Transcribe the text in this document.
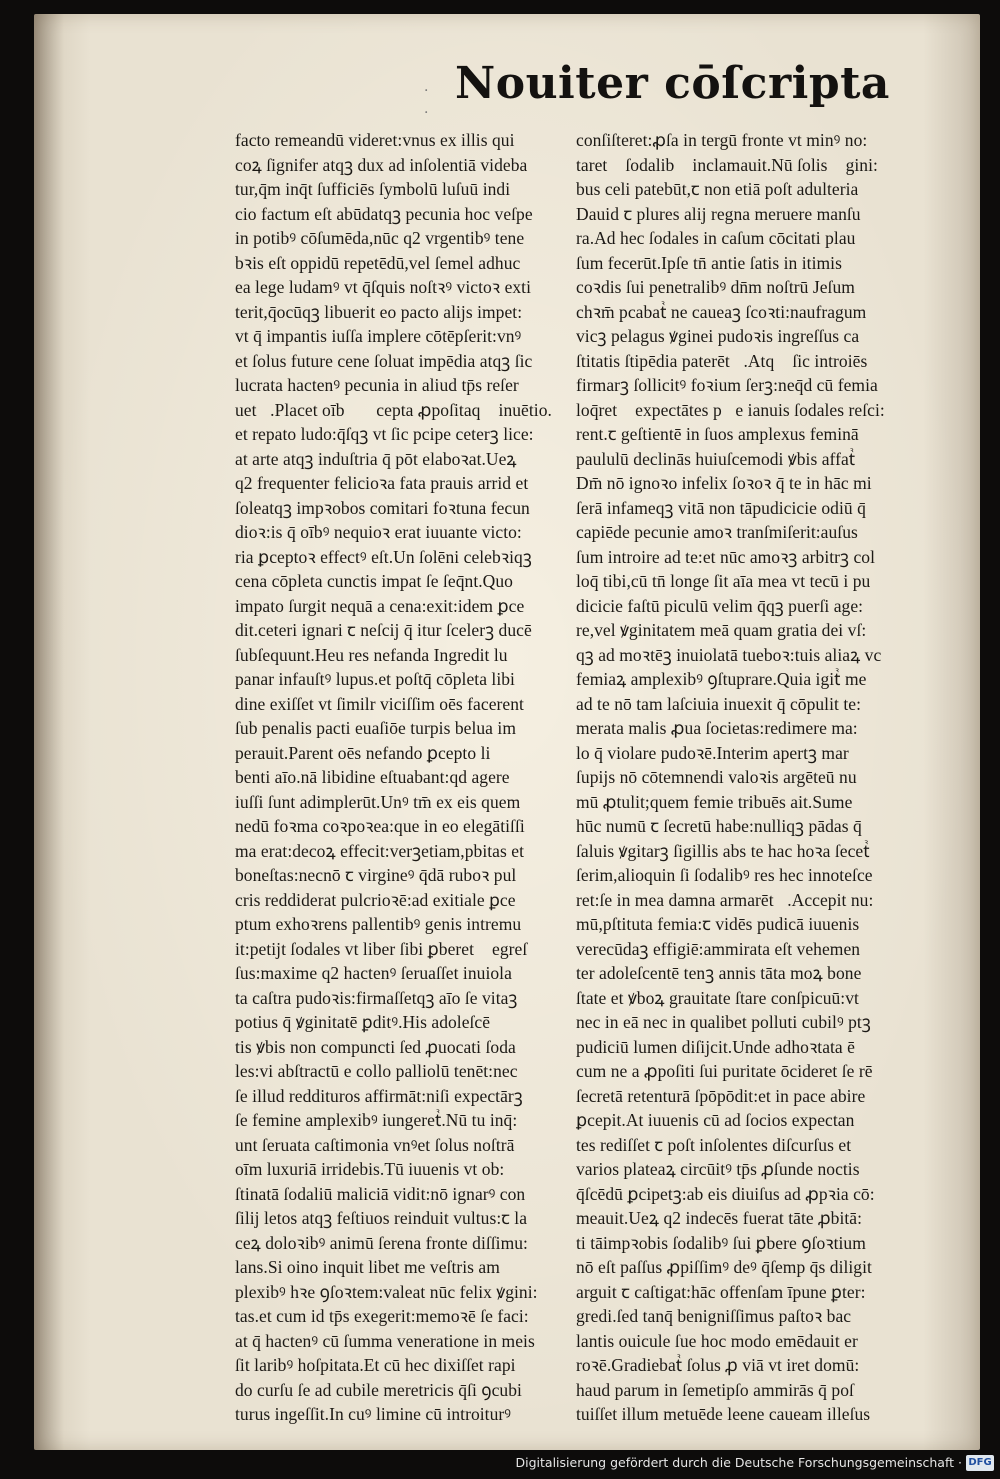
·
·
Nouiter cōſcripta
facto remeandū videret:vnus ex illis qui
coꝝ ſignifer atqꝫ dux ad inſolentiā videba
tur,q̄m inq̄t ſufficiēs ſymbolū luſuū indi
cio factum eſt abūdatqꝫ pecunia hoc veſpe
in potibꝰ cōſumēda,nūc q2 vrgentibꝰ tene
bꝛis eſt oppidū repetēdū,vel ſemel adhuc
ea lege ludamꝰ vt q̄ſquis noſtꝛꝰ victoꝛ exti
terit,q̄ocūqꝫ libuerit eo pacto alijs impet:
vt q̄ impantis iuſſa implere cōtēpſerit:vnꝰ
et ſolus future cene ſoluat impēdia atqꝫ ſic
lucrata hactenꝰ pecunia in aliud tp̄s reſer
uetᷣ.Placet oībꝰ ꝯcepta ꝓpoſitaqꝫ inuētio.
et repato ludo:q̄ſqꝫ vt ſic pcipe ceterꝫ lice:
at arte atqꝫ induſtria q̄ pōt elaboꝛat.Ueꝝ
q2 frequenter felicioꝛa fata prauis arrid et
ſoleatqꝫ impꝛobos comitari foꝛtuna fecun
dioꝛ:is q̄ oībꝰ nequioꝛ erat iuuante victo:
ria ꝑceptoꝛ effectꝰ eſt.Un ſolēni celebꝛiqꝫ
cena cōpleta cunctis impat ſe ſeq̄nt.Quo
impato ſurgit nequā a cena:exit:idem ꝑce
dit.ceteri ignari ꞇ neſcij q̄ itur ſcelerꝫ ducē
ſubſequunt.Heu res nefanda Ingredit lu
panar infauſtꝰ lupus.et poſtq̄ cōpleta libi
dine exiſſet vt ſimilr viciſſim oēs facerent
ſub penalis pacti euaſiōe turpis belua im
perauit.Parent oēs nefando ꝑcepto li
benti aīo.nā libidine eſtuabant:qd agere
iuſſi ſunt adimplerūt.Unꝰ tm̄ ex eis quem
nedū foꝛma coꝛpoꝛea:que in eo elegātiſſi
ma erat:decoꝝ effecit:verꝫetiam,pbitas et
boneſtas:necnō ꞇ virgineꝰ q̄dā ruboꝛ pul
cris reddiderat pulcrioꝛē:ad exitiale ꝑce
ptum exhoꝛrens pallentibꝰ genis intremu
it:petijt ſodales vt liber ſibi ꝑberetᷣ egreſ
ſus:maxime q2 hactenꝰ ſeruaſſet inuiola
ta caſtra pudoꝛis:firmaſſetqꝫ aīo ſe vitaꝫ
potius q̄ ꝟginitatē ꝑditꝰ.His adoleſcē
tis ꝟbis non compuncti ſed ꝓuocati ſoda
les:vi abſtractū e collo palliolū tenēt:nec
ſe illud reddituros affirmāt:niſi expectārꝫ
ſe femine amplexibꝰ iungeretᷣ.Nū tu inq̄:
unt ſeruata caſtimonia vnꝰet ſolus noſtrā
oīm luxuriā irridebis.Tū iuuenis vt ob:
ſtinatā ſodaliū maliciā vidit:nō ignarꝰ con
ſilij letos atqꝫ feſtiuos reinduit vultus:ꞇ la
ceꝝ doloꝛibꝰ animū ſerena fronte diſſimu:
lans.Si oino inquit libet me veſtris am
plexibꝰ hꝛe ꝯſoꝛtem:valeat nūc felix ꝟgini:
tas.et cum id tp̄s exegerit:memoꝛē ſe faci:
at q̄ hactenꝰ cū ſumma veneratione in meis
ſit laribꝰ hoſpitata.Et cū hec dixiſſet rapi
do curſu ſe ad cubile meretricis q̄ſi ꝯcubi
turus ingeſſit.In cuꝰ limine cū introiturꝰ
conſiſteret:ꝓſa in tergū fronte vt minꝰ no:
taretᷣ ſodalibꝰ inclamauit.Nū ſolis ꝟgini:
bus celi patebūt,ꞇ non etiā poſt adulteria
Dauid ꞇ plures alij regna meruere manſu
ra.Ad hec ſodales in caſum cōcitati plau
ſum fecerūt.Ipſe tn̄ antie ſatis in itimis
coꝛdis ſui penetralibꝰ dn̄m noſtrū Jeſum
chꝛm̄ pcabatᷣ ne caueaꝫ ſcoꝛti:naufragum
vicꝫ pelagus ꝟginei pudoꝛis ingreſſus ca
ſtitatis ſtipēdia paterētᷣ.Atqꝫ ſic introiēs
firmarꝫ ſollicitꝰ foꝛium ſerꝫ:neq̄d cū femia
loq̄retᷣ expectātes pꝛe ianuis ſodales reſci:
rent.ꞇ geſtientē in ſuos amplexus feminā
paululū declinās huiuſcemodi ꝟbis affatᷣ
Dm̄ nō ignoꝛo infelix ſoꝛoꝛ q̄ te in hāc mi
ſerā infameqꝫ vitā non tāpudicicie odiū q̄
capiēde pecunie amoꝛ tranſmiſerit:auſus
ſum introire ad te:et nūc amoꝛꝫ arbitrꝫ col
loq̄ tibi,cū tn̄ longe ſit aīa mea vt tecū i pu
dicicie faſtū piculū velim q̄qꝫ puerſi age:
re,vel ꝟginitatem meā quam gratia dei vſ:
qꝫ ad moꝛtēꝫ inuiolatā tueboꝛ:tuis aliaꝝ vc
femiaꝝ amplexibꝰ ꝯſtuprare.Quia igitᷣ me
ad te nō tam laſciuia inuexit q̄ cōpulit te:
merata malis ꝓua ſocietas:redimere ma:
lo q̄ violare pudoꝛē.Interim apertꝫ mar
ſupijs nō cōtemnendi valoꝛis argēteū nu
mū ꝓtulit;quem femie tribuēs ait.Sume
hūc numū ꞇ ſecretū habe:nulliqꝫ pādas q̄
ſaluis ꝟgitarꝫ ſigillis abs te hac hoꝛa ſecetᷣ
ſerim,alioquin ſi ſodalibꝰ res hec innoteſce
ret:ſe in mea damna armarētᷣ.Accepit nu:
mū,pſtituta femia:ꞇ vidēs pudicā iuuenis
verecūdaꝫ effigiē:ammirata eſt vehemen
ter adoleſcentē tenꝫ annis tāta moꝝ bone
ſtate et ꝟboꝝ grauitate ſtare conſpicuū:vt
nec in eā nec in qualibet polluti cubilꝰ ptꝫ
pudiciū lumen diſijcit.Unde adhoꝛtata ē
cum ne a ꝓpoſiti ſui puritate ōcideret ſe rē
ſecretā retenturā ſpōpōdit:et in pace abire
ꝑcepit.At iuuenis cū ad ſocios expectan
tes rediſſet ꞇ poſt inſolentes diſcurſus et
varios plateaꝝ circūitꝰ tp̄s ꝓſunde noctis
q̄ſcēdū ꝑcipetꝫ:ab eis diuiſus ad ꝓpꝛia cō:
meauit.Ueꝝ q2 indecēs fuerat tāte ꝓbitā:
ti tāimpꝛobis ſodalibꝰ ſui ꝑbere ꝯſoꝛtium
nō eſt paſſus ꝓpiſſimꝰ deꝰ q̄ſemp q̄s diligit
arguit ꞇ caſtigat:hāc offenſam īpune ꝑter:
gredi.ſed tanq̄ benigniſſimus paſtoꝛ bac
lantis ouicule ſue hoc modo emēdauit er
roꝛē.Gradiebatᷣ ſolus ꝓ viā vt iret domū:
haud parum in ſemetipſo ammirās q̄ poſ
tuiſſet illum metuēde leene caueam illeſus
Digitalisierung gefördert durch die Deutsche Forschungsgemeinschaft · DFG
